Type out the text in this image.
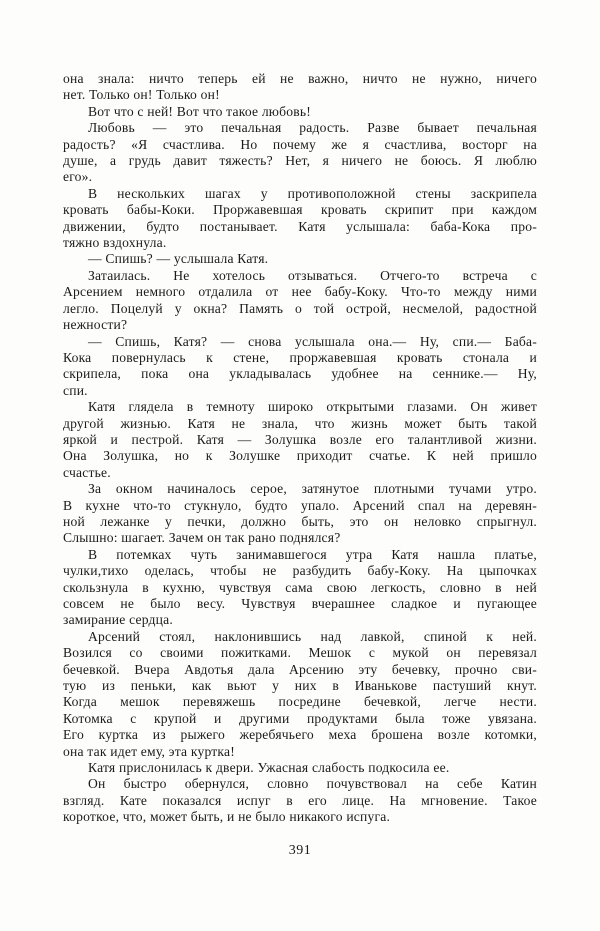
она знала: ничто теперь ей не важно, ничто не нужно, ничего
нет. Только он! Только он!
Вот что с ней! Вот что такое любовь!
Любовь — это печальная радость. Разве бывает печальная
радость? «Я счастлива. Но почему же я счастлива, восторг на
душе, а грудь давит тяжесть? Нет, я ничего не боюсь. Я люблю
его».
В нескольких шагах у противоположной стены заскрипела
кровать бабы-Коки. Проржавевшая кровать скрипит при каждом
движении, будто постанывает. Катя услышала: баба-Кока про-
тяжно вздохнула.
— Спишь? — услышала Катя.
Затаилась. Не хотелось отзываться. Отчего-то встреча с
Арсением немного отдалила от нее бабу-Коку. Что-то между ними
легло. Поцелуй у окна? Память о той острой, несмелой, радостной
нежности?
— Спишь, Катя? — снова услышала она.— Ну, спи.— Баба-
Кока повернулась к стене, проржавевшая кровать стонала и
скрипела, пока она укладывалась удобнее на сеннике.— Ну,
спи.
Катя глядела в темноту широко открытыми глазами. Он живет
другой жизнью. Катя не знала, что жизнь может быть такой
яркой и пестрой. Катя — Золушка возле его талантливой жизни.
Она Золушка, но к Золушке приходит счатье. К ней пришло
счастье.
За окном начиналось серое, затянутое плотными тучами утро.
В кухне что-то стукнуло, будто упало. Арсений спал на деревян-
ной лежанке у печки, должно быть, это он неловко спрыгнул.
Слышно: шагает. Зачем он так рано поднялся?
В потемках чуть занимавшегося утра Катя нашла платье,
чулки,тихо оделась, чтобы не разбудить бабу-Коку. На цыпочках
скользнула в кухню, чувствуя сама свою легкость, словно в ней
совсем не было весу. Чувствуя вчерашнее сладкое и пугающее
замирание сердца.
Арсений стоял, наклонившись над лавкой, спиной к ней.
Возился со своими пожитками. Мешок с мукой он перевязал
бечевкой. Вчера Авдотья дала Арсению эту бечевку, прочно сви-
тую из пеньки, как вьют у них в Иванькове пастуший кнут.
Когда мешок перевяжешь посредине бечевкой, легче нести.
Котомка с крупой и другими продуктами была тоже увязана.
Его куртка из рыжего жеребячьего меха брошена возле котомки,
она так идет ему, эта куртка!
Катя прислонилась к двери. Ужасная слабость подкосила ее.
Он быстро обернулся, словно почувствовал на себе Катин
взгляд. Кате показался испуг в его лице. На мгновение. Такое
короткое, что, может быть, и не было никакого испуга.
391
